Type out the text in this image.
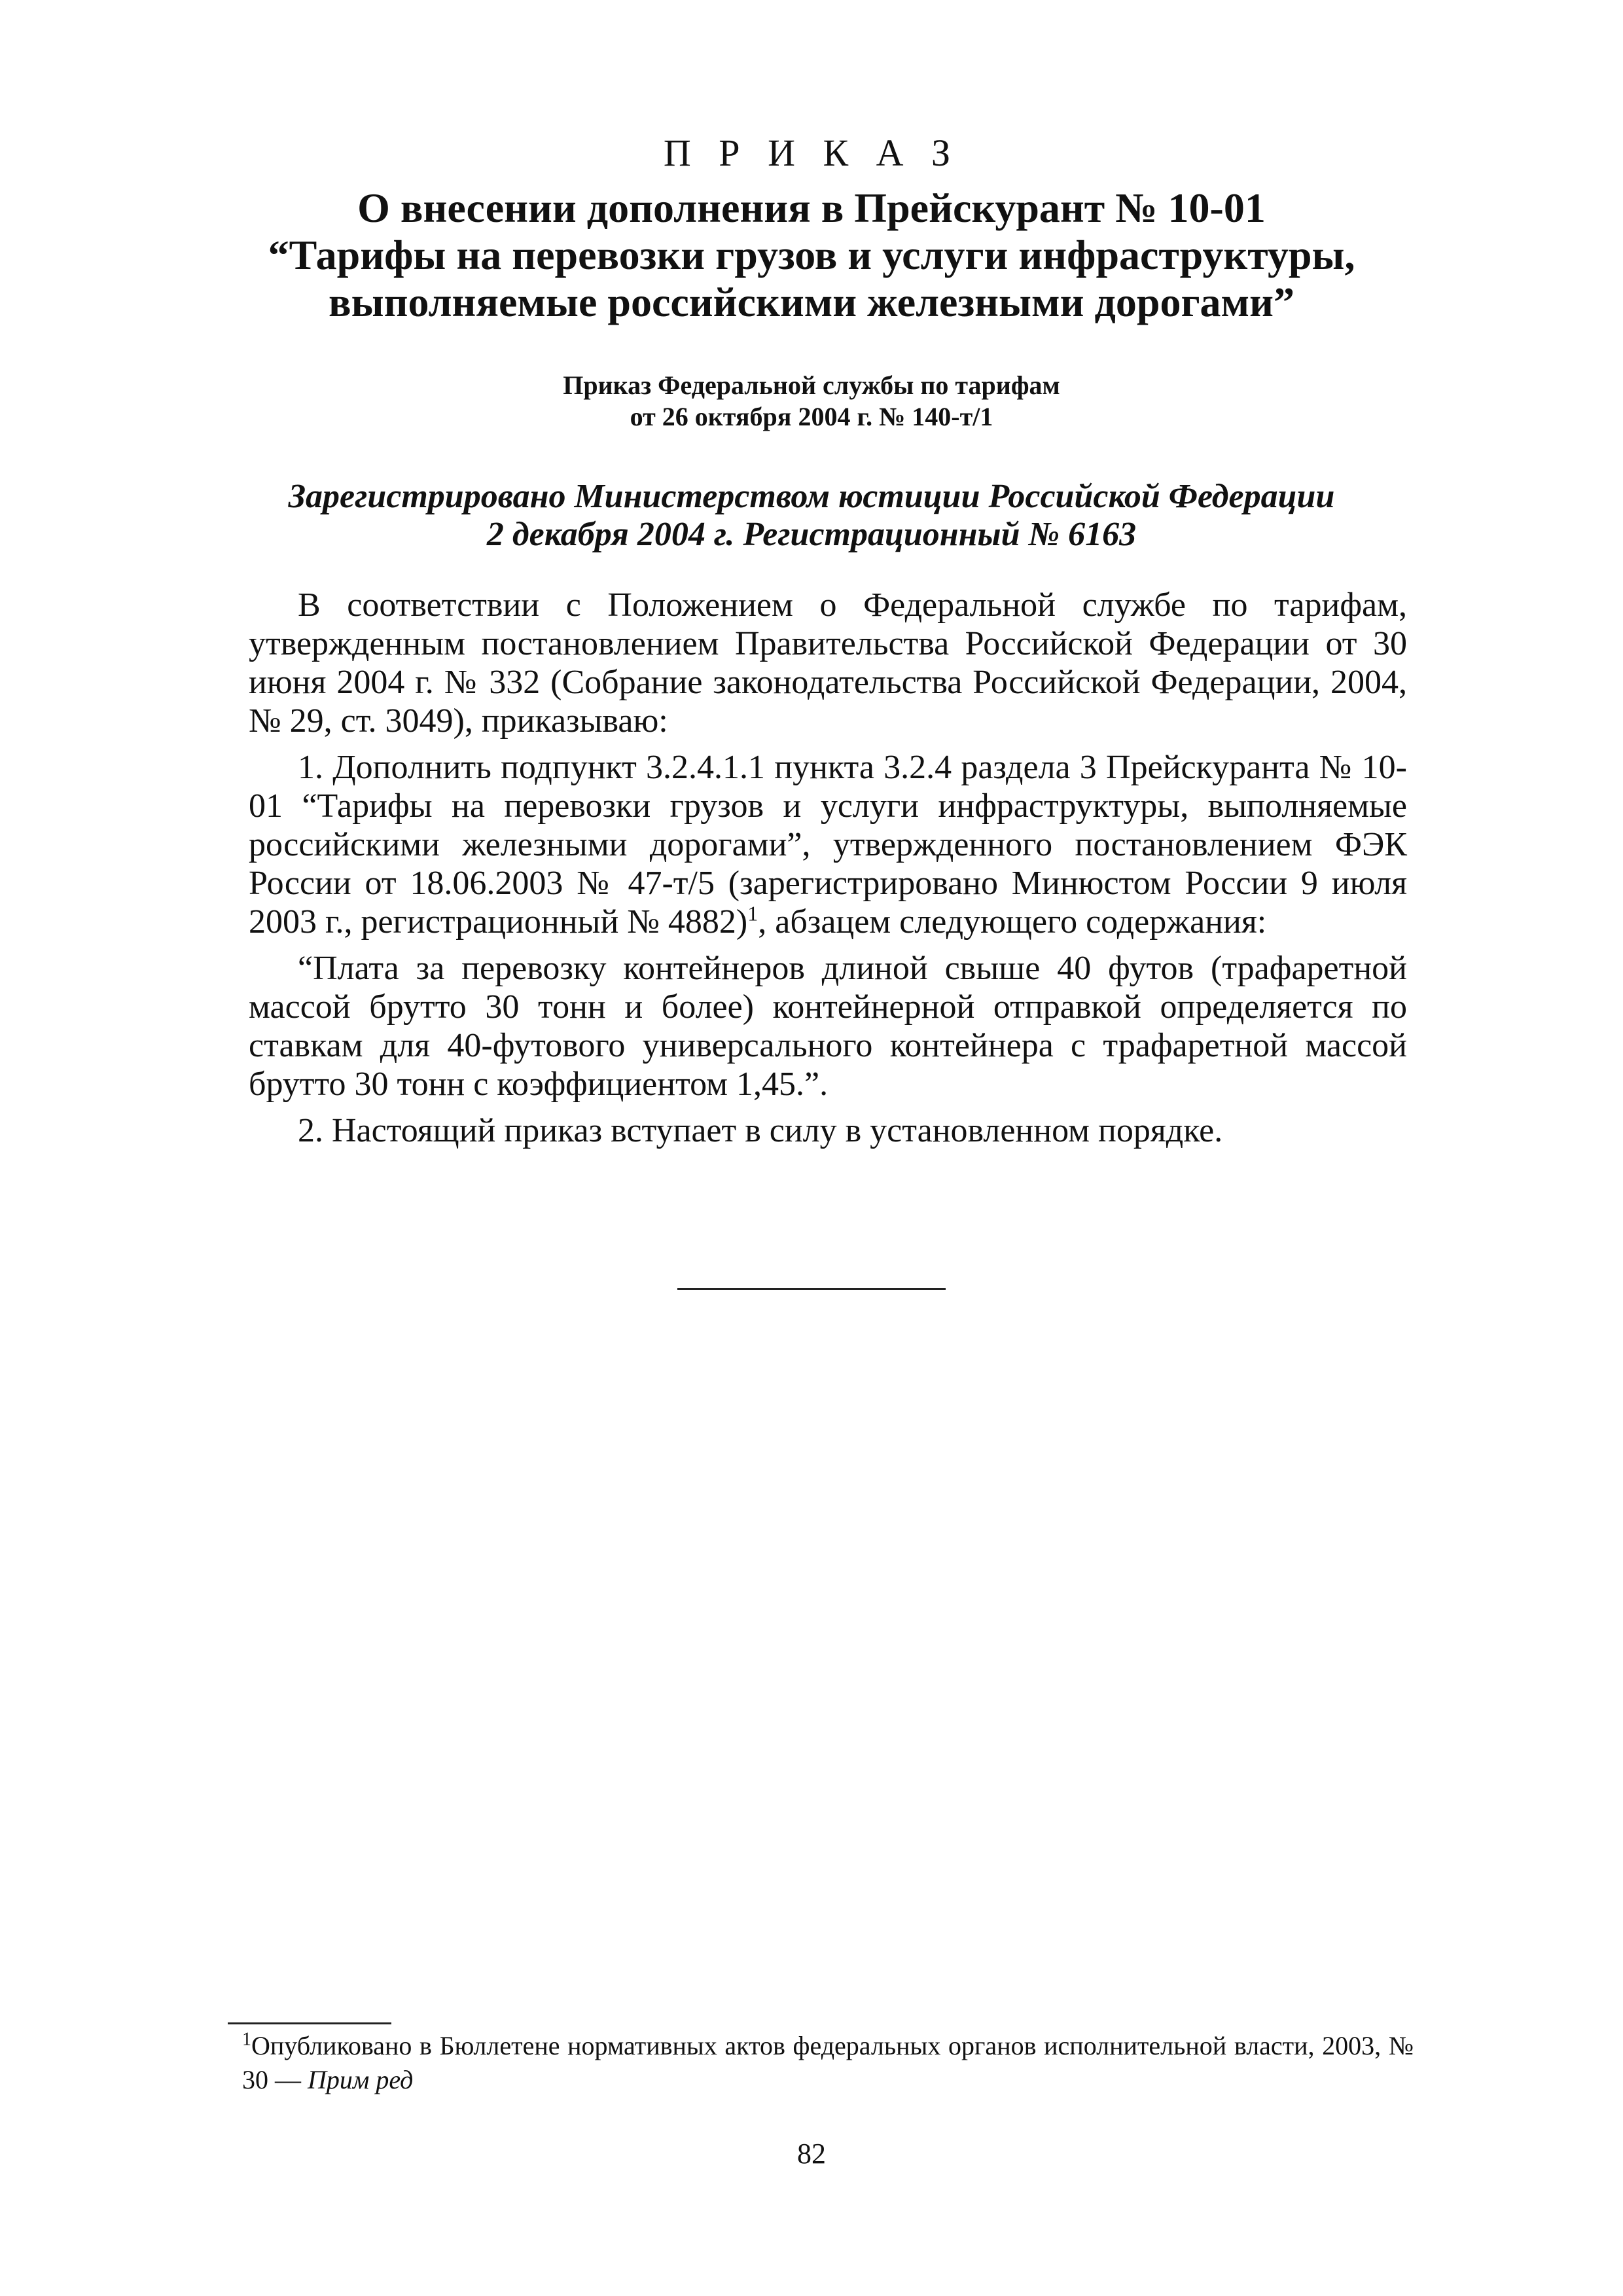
П Р И К А З
О внесении дополнения в Прейскурант № 10-01
“Тарифы на перевозки грузов и услуги инфраструктуры,
выполняемые российскими железными дорогами”
Приказ Федеральной службы по тарифам
от 26 октября 2004 г. № 140-т/1
Зарегистрировано Министерством юстиции Российской Федерации
2 декабря 2004 г. Регистрационный № 6163

В соответствии с Положением о Федеральной службе по тарифам, утвержденным постановлением Правительства Российской Федерации от 30 июня 2004 г. № 332 (Собрание законодательства Российской Федерации, 2004, № 29, ст. 3049), приказываю:

1. Дополнить подпункт 3.2.4.1.1 пункта 3.2.4 раздела 3 Прейскуранта № 10-01 “Тарифы на перевозки грузов и услуги инфраструктуры, выполняемые российскими железными дорогами”, утвержденного постановлением ФЭК России от 18.06.2003 № 47-т/5 (зарегистрировано Минюстом России 9 июля 2003 г., регистрационный № 4882)$^1$, абзацем следующего содержания:

“Плата за перевозку контейнеров длиной свыше 40 футов (трафаретной массой брутто 30 тонн и более) контейнерной отправкой определяется по ставкам для 40-футового универсального контейнера с трафаретной массой брутто 30 тонн с коэффициентом 1,45.”.

2. Настоящий приказ вступает в силу в установленном порядке.

$^1$Опубликовано в Бюллетене нормативных актов федеральных органов исполнительной власти, 2003, № 30 — Прим ред
82
